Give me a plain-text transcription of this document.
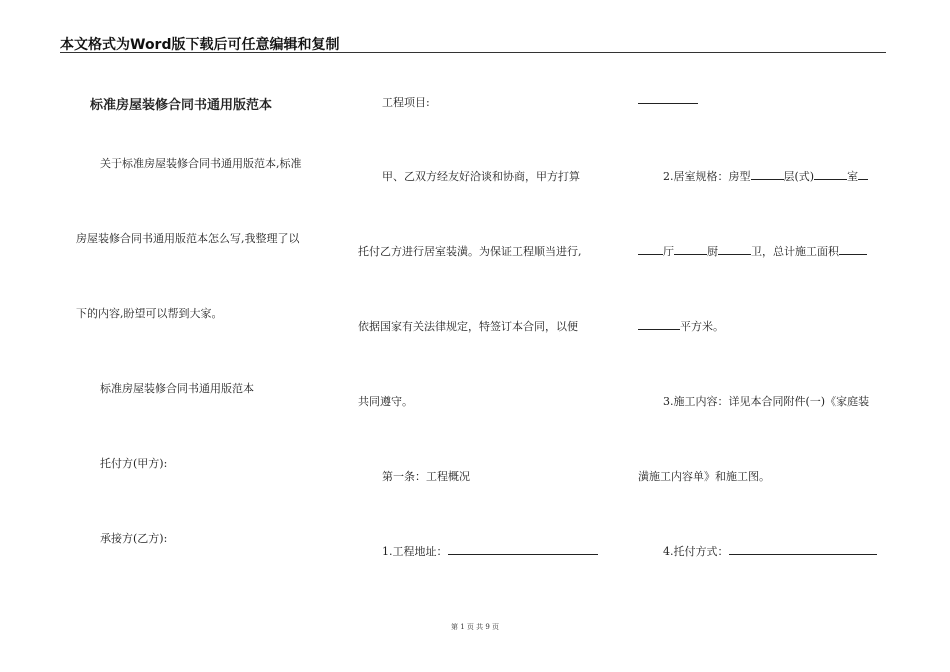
本文格式为Word版下载后可任意编辑和复制
标准房屋装修合同书通用版范本
关于标准房屋装修合同书通用版范本,标准
房屋装修合同书通用版范本怎么写,我整理了以
下的内容,盼望可以帮到大家。
标准房屋装修合同书通用版范本
托付方(甲方):
承接方(乙方):
工程项目:
甲、乙双方经友好洽谈和协商，甲方打算
托付乙方进行居室装潢。为保证工程顺当进行,
依据国家有关法律规定，特签订本合同，以便
共同遵守。
第一条：工程概况
1.工程地址：
2.居室规格：房型	层(式)	室
厅	厨	卫，总计施工面积
平方米。
3.施工内容：详见本合同附件(一)《家庭装
潢施工内容单》和施工图。
4.托付方式：
第 1 页 共 9 页
